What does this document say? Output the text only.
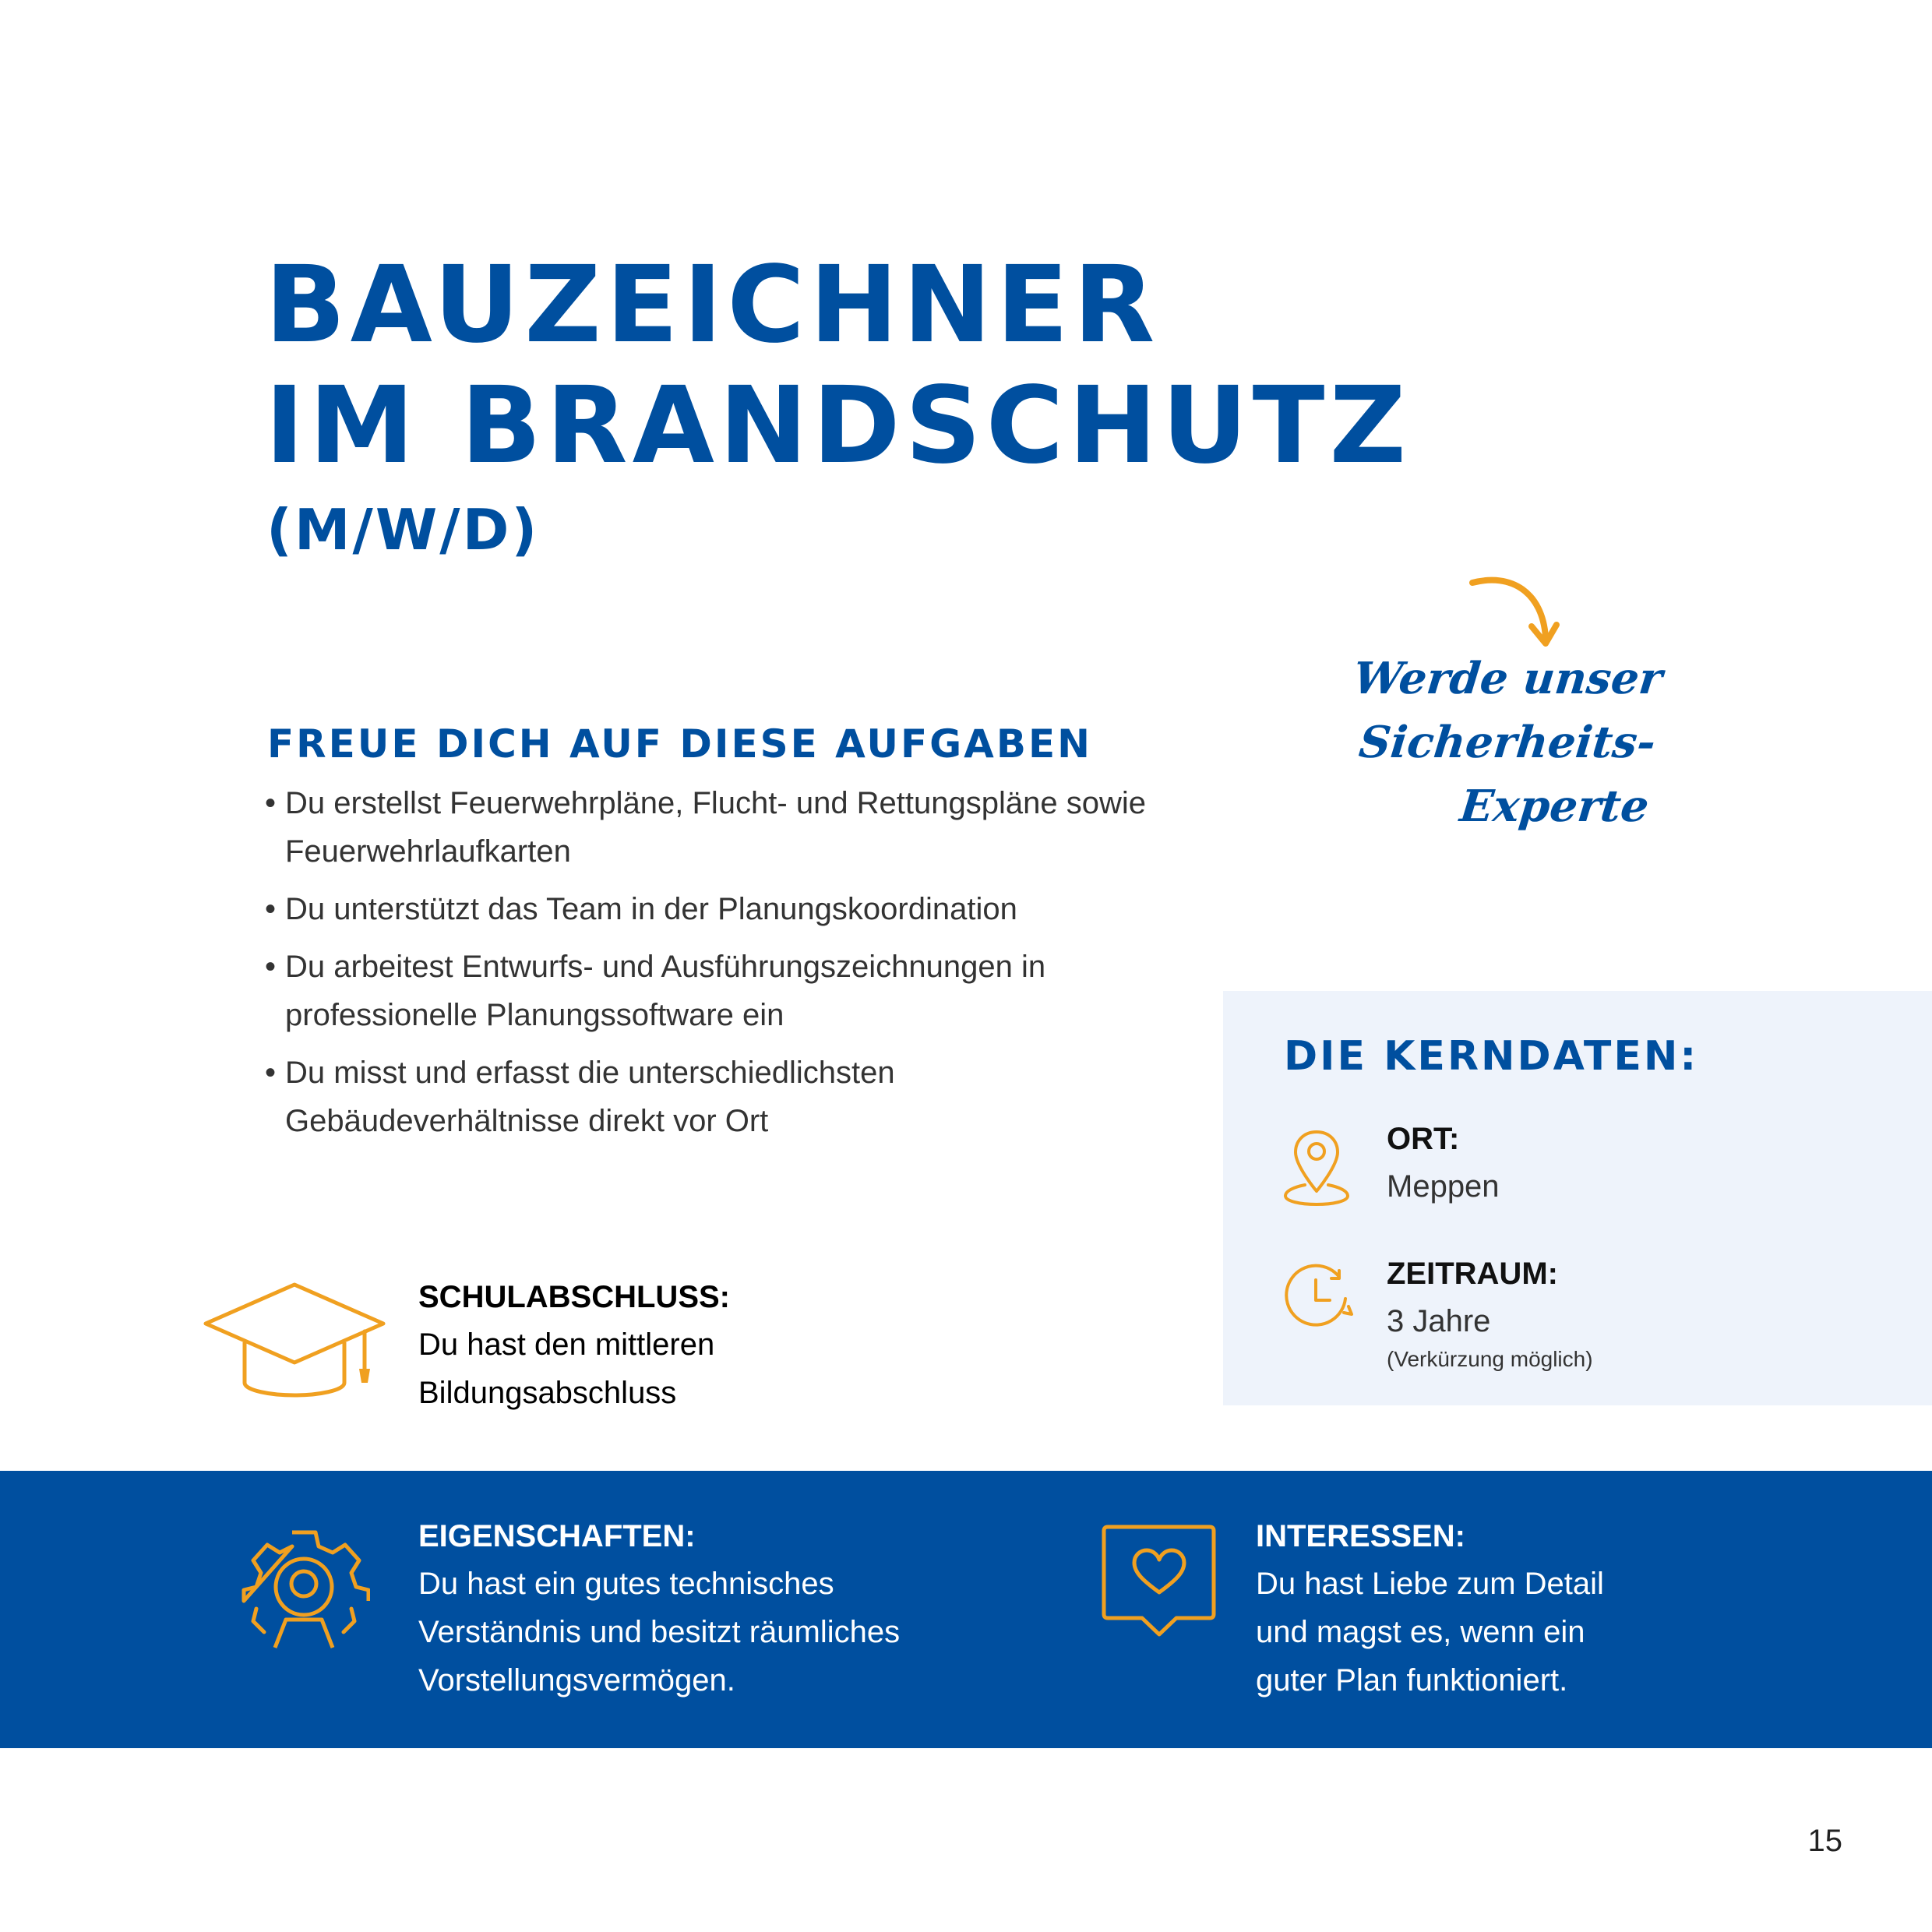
BAUZEICHNER
IM BRANDSCHUTZ
(M/W/D)
FREUE DICH AUF DIESE AUFGABEN
• Du erstellst Feuerwehrpläne, Flucht- und Rettungspläne sowie Feuerwehrlaufkarten
• Du unterstützt das Team in der Planungskoordination
• Du arbeitest Entwurfs- und Ausführungszeichnungen in professionelle Planungssoftware ein
• Du misst und erfasst die unterschiedlichsten Gebäudeverhältnisse direkt vor Ort
Werde unser
Sicherheits-
Experte
DIE KERNDATEN:
ORT:
Meppen
ZEITRAUM:
3 Jahre
(Verkürzung möglich)
SCHULABSCHLUSS:
Du hast den mittleren
Bildungsabschluss
EIGENSCHAFTEN:
Du hast ein gutes technisches
Verständnis und besitzt räumliches
Vorstellungsvermögen.
INTERESSEN:
Du hast Liebe zum Detail
und magst es, wenn ein
guter Plan funktioniert.
15
